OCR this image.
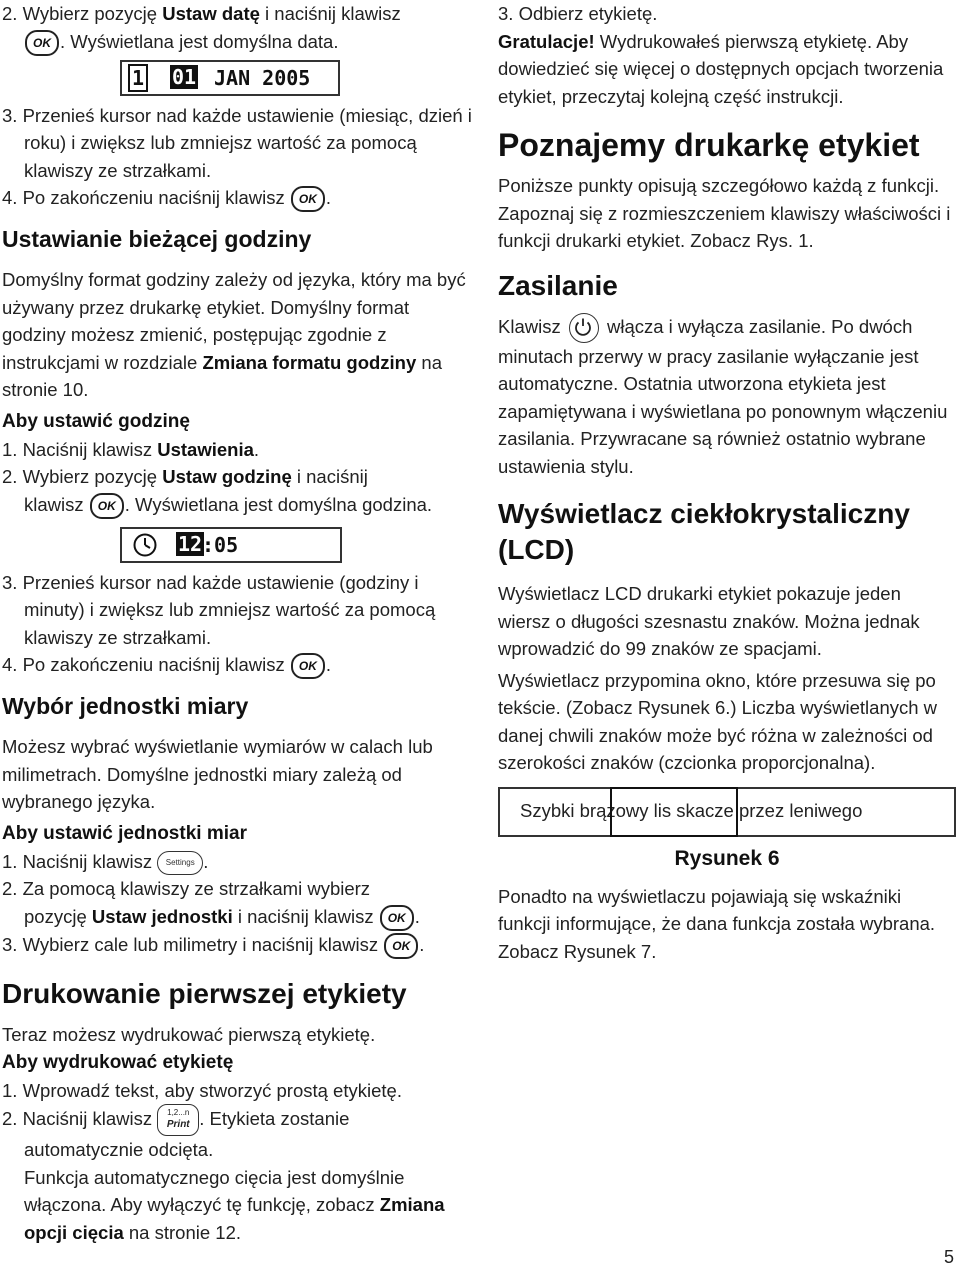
2. Wybierz pozycję Ustaw datę i naciśnij klawisz

OK . Wyświetlana jest domyślna data.

1 01 JAN 2005

3. Przenieś kursor nad każde ustawienie (miesiąc, dzień i roku) i zwiększ lub zmniejsz wartość za pomocą klawiszy ze strzałkami.

4. Po zakończeniu naciśnij klawisz OK .

Ustawianie bieżącej godziny

Domyślny format godziny zależy od języka, który ma być używany przez drukarkę etykiet. Domyślny format godziny możesz zmienić, postępując zgodnie z instrukcjami w rozdziale Zmiana formatu godziny na stronie 10.

Aby ustawić godzinę

1. Naciśnij klawisz Ustawienia.

2. Wybierz pozycję Ustaw godzinę i naciśnij

klawisz OK . Wyświetlana jest domyślna godzina.

12 :05

3. Przenieś kursor nad każde ustawienie (godziny i minuty) i zwiększ lub zmniejsz wartość za pomocą klawiszy ze strzałkami.

4. Po zakończeniu naciśnij klawisz OK .

Wybór jednostki miary

Możesz wybrać wyświetlanie wymiarów w calach lub milimetrach. Domyślne jednostki miary zależą od wybranego języka.

Aby ustawić jednostki miar

1. Naciśnij klawisz Settings .

2. Za pomocą klawiszy ze strzałkami wybierz

pozycję Ustaw jednostki i naciśnij klawisz OK .

3. Wybierz cale lub milimetry i naciśnij klawisz OK .

Drukowanie pierwszej etykiety

Teraz możesz wydrukować pierwszą etykietę.

Aby wydrukować etykietę

1. Wprowadź tekst, aby stworzyć prostą etykietę.

2. Naciśnij klawisz 1,2...n
Print . Etykieta zostanie

automatycznie odcięta.

Funkcja automatycznego cięcia jest domyślnie włączona. Aby wyłączyć tę funkcję, zobacz Zmiana opcji cięcia na stronie 12.

3. Odbierz etykietę.

Gratulacje! Wydrukowałeś pierwszą etykietę. Aby dowiedzieć się więcej o dostępnych opcjach tworzenia etykiet, przeczytaj kolejną część instrukcji.

Poznajemy drukarkę etykiet

Poniższe punkty opisują szczegółowo każdą z funkcji. Zapoznaj się z rozmieszczeniem klawiszy właściwości i funkcji drukarki etykiet. Zobacz Rys. 1.

Zasilanie

Klawisz
włącza i wyłącza zasilanie. Po dwóch minutach przerwy w pracy zasilanie wyłączanie jest automatyczne. Ostatnia utworzona etykieta jest zapamiętywana i wyświetlana po ponownym włączeniu zasilania. Przywracane są również ostatnio wybrane ustawienia stylu.

Wyświetlacz ciekłokrystaliczny (LCD)

Wyświetlacz LCD drukarki etykiet pokazuje jeden wiersz o długości szesnastu znaków. Można jednak wprowadzić do 99 znaków ze spacjami.

Wyświetlacz przypomina okno, które przesuwa się po tekście. (Zobacz Rysunek 6.) Liczba wyświetlanych w danej chwili znaków może być różna w zależności od szerokości znaków (czcionka proporcjonalna).

Szybki brązowy lis skacze przez leniwego
Rysunek 6

Ponadto na wyświetlaczu pojawiają się wskaźniki funkcji informujące, że dana funkcja została wybrana. Zobacz Rysunek 7.

5
